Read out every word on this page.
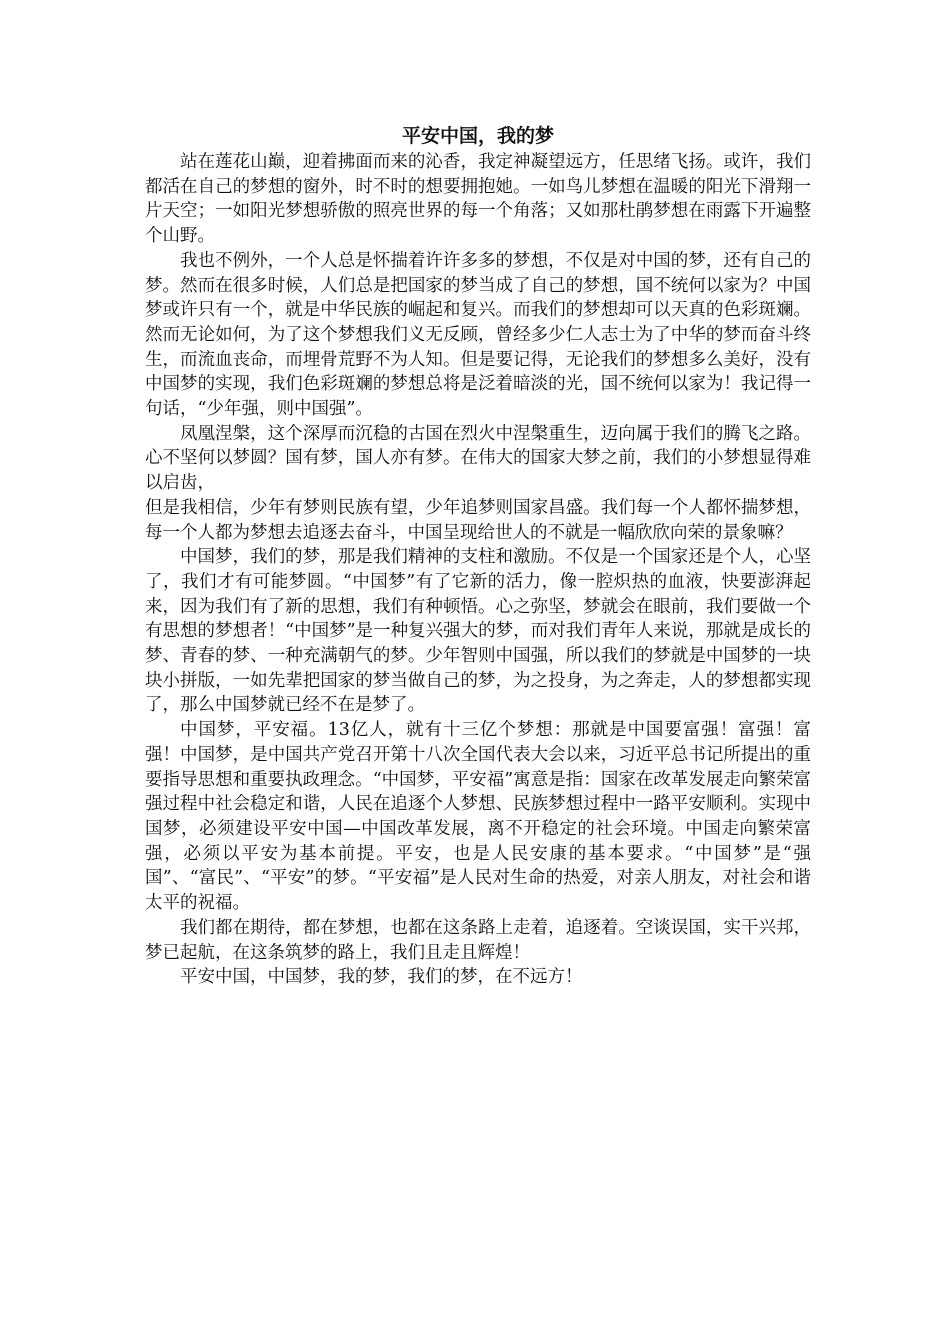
平安中国，我的梦

站在莲花山巅，迎着拂面而来的沁香，我定神凝望远方，任思绪飞扬。或许，我们都活在自己的梦想的窗外，时不时的想要拥抱她。一如鸟儿梦想在温暖的阳光下滑翔一片天空；一如阳光梦想骄傲的照亮世界的每一个角落；又如那杜鹃梦想在雨露下开遍整个山野。

我也不例外，一个人总是怀揣着许许多多的梦想，不仅是对中国的梦，还有自己的梦。然而在很多时候，人们总是把国家的梦当成了自己的梦想，国不统何以家为？中国梦或许只有一个，就是中华民族的崛起和复兴。而我们的梦想却可以天真的色彩斑斓。然而无论如何，为了这个梦想我们义无反顾，曾经多少仁人志士为了中华的梦而奋斗终生，而流血丧命，而埋骨荒野不为人知。但是要记得，无论我们的梦想多么美好，没有中国梦的实现，我们色彩斑斓的梦想总将是泛着暗淡的光，国不统何以家为！我记得一句话，“少年强，则中国强”。

凤凰涅槃，这个深厚而沉稳的古国在烈火中涅槃重生，迈向属于我们的腾飞之路。心不坚何以梦圆？国有梦，国人亦有梦。在伟大的国家大梦之前，我们的小梦想显得难以启齿，

但是我相信，少年有梦则民族有望，少年追梦则国家昌盛。我们每一个人都怀揣梦想，每一个人都为梦想去追逐去奋斗，中国呈现给世人的不就是一幅欣欣向荣的景象嘛？

中国梦，我们的梦，那是我们精神的支柱和激励。不仅是一个国家还是个人，心坚了，我们才有可能梦圆。“中国梦”有了它新的活力，像一腔炽热的血液，快要澎湃起来，因为我们有了新的思想，我们有种顿悟。心之弥坚，梦就会在眼前，我们要做一个有思想的梦想者！“中国梦”是一种复兴强大的梦，而对我们青年人来说，那就是成长的梦、青春的梦、一种充满朝气的梦。少年智则中国强，所以我们的梦就是中国梦的一块块小拼版，一如先辈把国家的梦当做自己的梦，为之投身，为之奔走，人的梦想都实现了，那么中国梦就已经不在是梦了。

中国梦，平安福。13亿人，就有十三亿个梦想：那就是中国要富强！富强！富强！中国梦，是中国共产党召开第十八次全国代表大会以来，习近平总书记所提出的重要指导思想和重要执政理念。“中国梦，平安福”寓意是指：国家在改革发展走向繁荣富强过程中社会稳定和谐，人民在追逐个人梦想、民族梦想过程中一路平安顺利。实现中国梦，必须建设平安中国—中国改革发展，离不开稳定的社会环境。中国走向繁荣富强，必须以平安为基本前提。平安，也是人民安康的基本要求。“中国梦”是“强国”、“富民”、“平安”的梦。“平安福”是人民对生命的热爱，对亲人朋友，对社会和谐太平的祝福。

我们都在期待，都在梦想，也都在这条路上走着，追逐着。空谈误国，实干兴邦，梦已起航，在这条筑梦的路上，我们且走且辉煌！

平安中国，中国梦，我的梦，我们的梦，在不远方！
